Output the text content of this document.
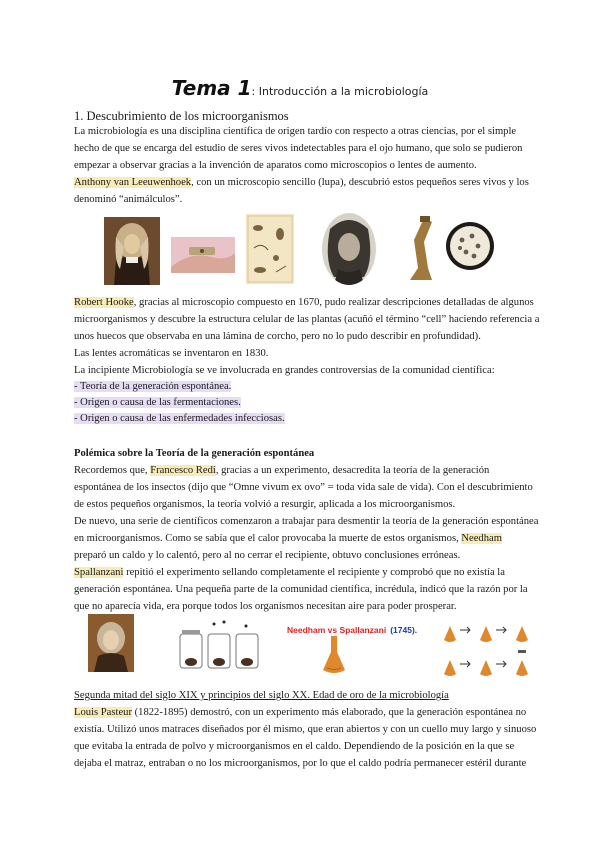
Tema 1: Introducción a la microbiología
1. Descubrimiento de los microorganismos
La microbiología es una disciplina científica de origen tardío con respecto a otras ciencias, por el simple
hecho de que se encarga del estudio de seres vivos indetectables para el ojo humano, que solo se pudieron
empezar a observar gracias a la invención de aparatos como microscopios o lentes de aumento.
Anthony van Leeuwenhoek, con un microscopio sencillo (lupa), descubrió estos pequeños seres vivos y los
denominó “animálculos”.
Robert Hooke, gracias al microscopio compuesto en 1670, pudo realizar descripciones detalladas de algunos
microorganismos y descubre la estructura celular de las plantas (acuñó el término “cell” haciendo referencia a
unos huecos que observaba en una lámina de corcho, pero no lo pudo describir en profundidad).
Las lentes acromáticas se inventaron en 1830.
La incipiente Microbiología se ve involucrada en grandes controversias de la comunidad científica:
- Teoría de la generación espontánea.
- Origen o causa de las fermentaciones.
- Origen o causa de las enfermedades infecciosas.
Polémica sobre la Teoría de la generación espontánea
Recordemos que, Francesco Redi, gracias a un experimento, desacredita la teoría de la generación
espontánea de los insectos (dijo que “Omne vivum ex ovo” = toda vida sale de vida). Con el descubrimiento
de estos pequeños organismos, la teoría volvió a resurgir, aplicada a los microorganismos.
De nuevo, una serie de científicos comenzaron a trabajar para desmentir la teoría de la generación espontánea
en microorganismos. Como se sabía que el calor provocaba la muerte de estos organismos, Needham
preparó un caldo y lo calentó, pero al no cerrar el recipiente, obtuvo conclusiones erróneas.
Spallanzani repitió el experimento sellando completamente el recipiente y comprobó que no existía la
generación espontánea. Una pequeña parte de la comunidad científica, incrédula, indicó que la razón por la
que no aparecía vida, era porque todos los organismos necesitan aire para poder prosperar.
Needham vs Spallanzani (1745).
Segunda mitad del siglo XIX y principios del siglo XX. Edad de oro de la microbiología
Louis Pasteur (1822-1895) demostró, con un experimento más elaborado, que la generación espontánea no
existía. Utilizó unos matraces diseñados por él mismo, que eran abiertos y con un cuello muy largo y sinuoso
que evitaba la entrada de polvo y microorganismos en el caldo. Dependiendo de la posición en la que se
dejaba el matraz, entraban o no los microorganismos, por lo que el caldo podría permanecer estéril durante
